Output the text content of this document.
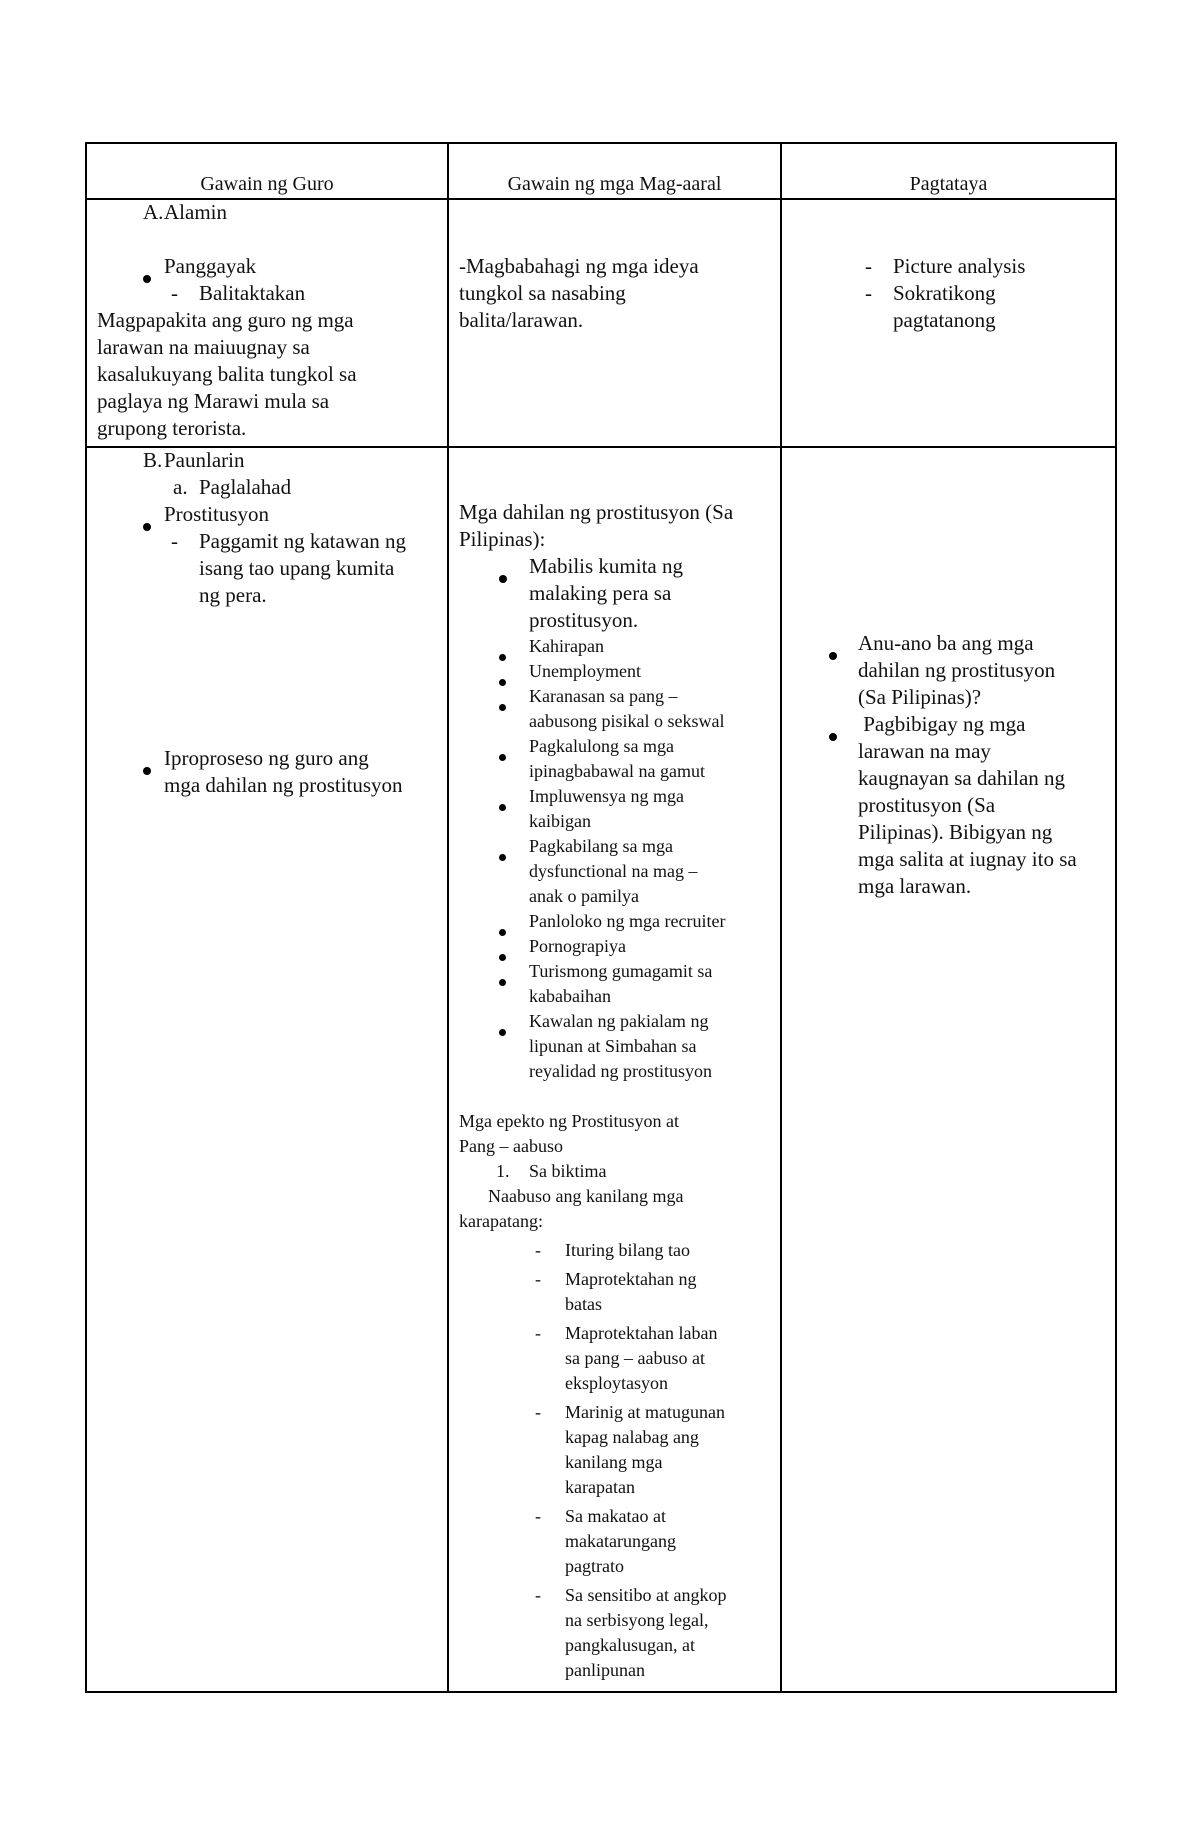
Gawain ng Guro	Gawain ng mga Mag-aaral	Pagtataya
A. Alamin
Panggayak
- Balitaktakan

Magpapakita ang guro ng mga

larawan na maiuugnay sa

kasalukuyang balita tungkol sa

paglaya ng Marawi mula sa

grupong terorista.

-Magbabahagi ng mga ideya

tungkol sa nasabing

balita/larawan.

- Picture analysis

- Sokratikong

pagtatanong

B. Paunlarin
a. Paglalahad
Prostitusyon
- Paggamit ng katawan ng

isang tao upang kumita

ng pera.

Iproproseso ng guro ang

mga dahilan ng prostitusyon

Mga dahilan ng prostitusyon (Sa

Pilipinas):

Mabilis kumita ng

malaking pera sa

prostitusyon.

Kahirapan

Unemployment

Karanasan sa pang –

aabusong pisikal o sekswal

Pagkalulong sa mga

ipinagbabawal na gamut

Impluwensya ng mga

kaibigan

Pagkabilang sa mga

dysfunctional na mag –

anak o pamilya

Panloloko ng mga recruiter

Pornograpiya

Turismong gumagamit sa

kababaihan

Kawalan ng pakialam ng

lipunan at Simbahan sa

reyalidad ng prostitusyon

Mga epekto ng Prostitusyon at

Pang – aabuso

1. Sa biktima

Naabuso ang kanilang mga

karapatang:

- Ituring bilang tao

- Maprotektahan ng

batas

- Maprotektahan laban

sa pang – aabuso at

eksploytasyon

- Marinig at matugunan

kapag nalabag ang

kanilang mga

karapatan

- Sa makatao at

makatarungang

pagtrato

- Sa sensitibo at angkop

na serbisyong legal,

pangkalusugan, at

panlipunan

Anu-ano ba ang mga

dahilan ng prostitusyon

(Sa Pilipinas)?

Pagbibigay ng mga

larawan na may

kaugnayan sa dahilan ng

prostitusyon (Sa

Pilipinas). Bibigyan ng

mga salita at iugnay ito sa

mga larawan.
